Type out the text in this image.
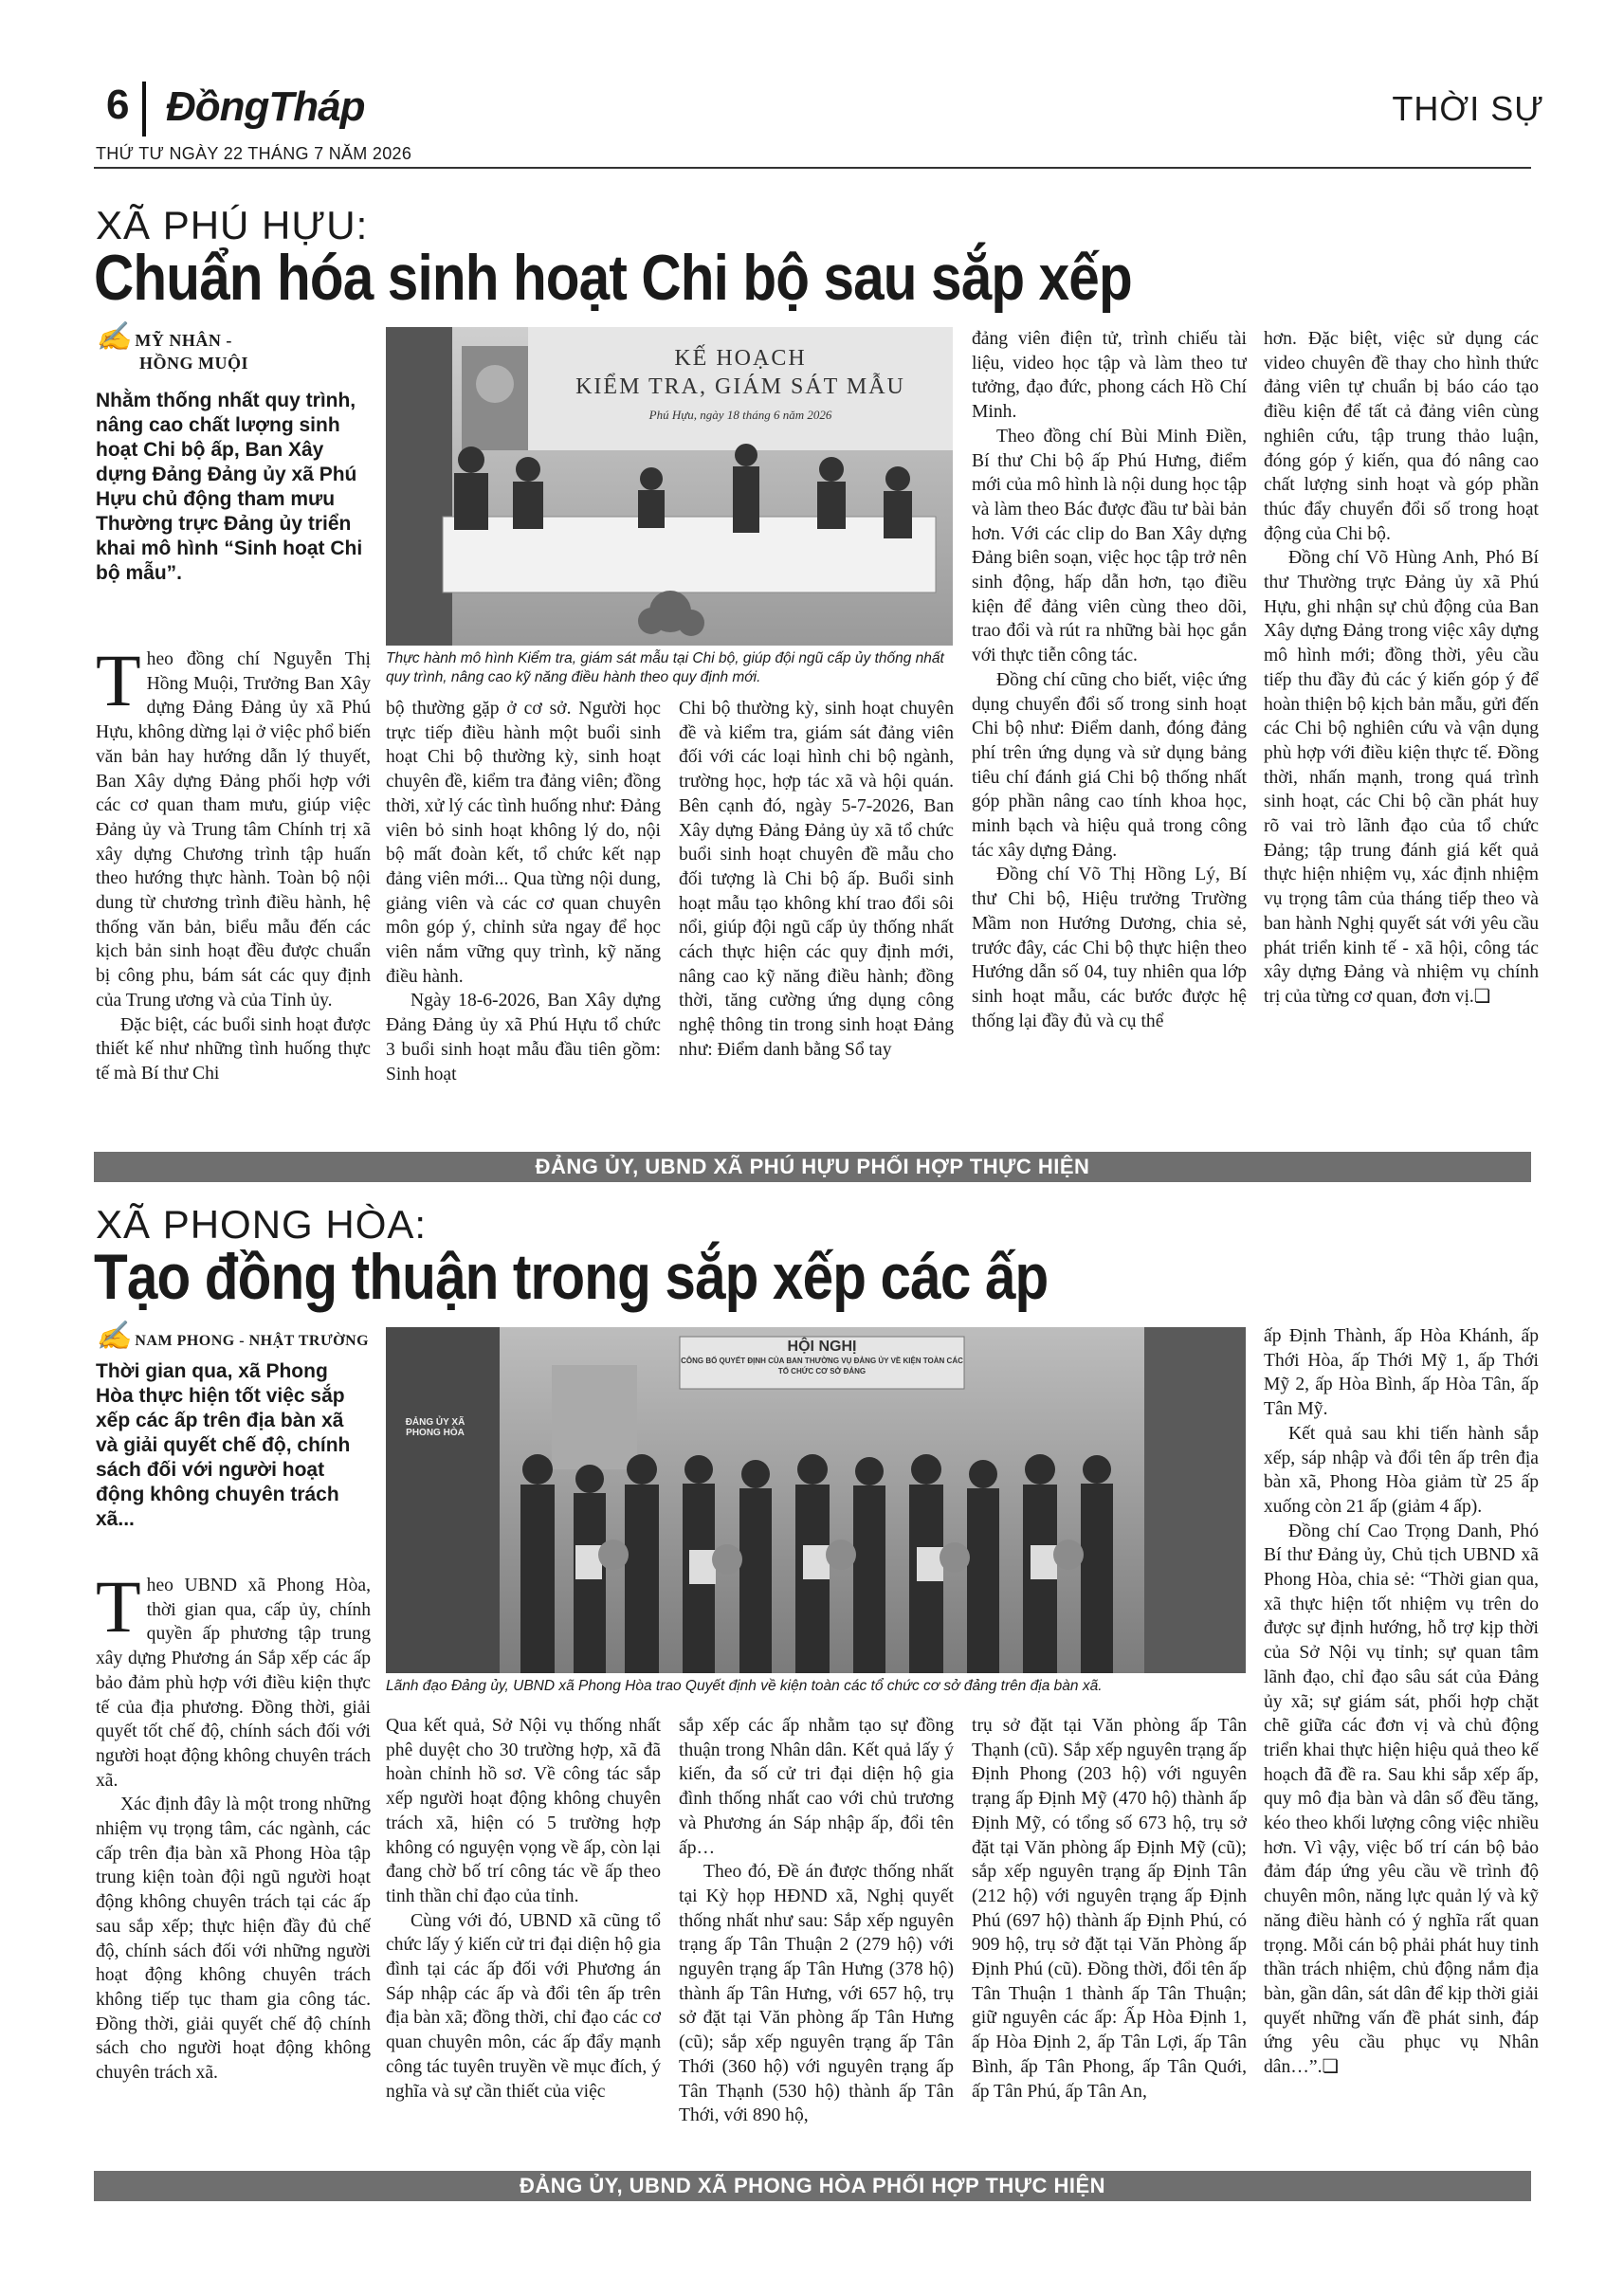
6 ĐồngTháp	THỜI SỰ
THỨ TƯ NGÀY 22 THÁNG 7 NĂM 2026
XÃ PHÚ HỰU:
Chuẩn hóa sinh hoạt Chi bộ sau sắp xếp
✍ MỸ NHÂN -
HỒNG MUỘI
Nhằm thống nhất quy trình, nâng cao chất lượng sinh hoạt Chi bộ ấp, Ban Xây dựng Đảng Đảng ủy xã Phú Hựu chủ động tham mưu Thường trực Đảng ủy triển khai mô hình “Sinh hoạt Chi bộ mẫu”.
KẾ HOẠCH
KIỂM TRA, GIÁM SÁT MẪU
Phú Hựu, ngày 18 tháng 6 năm 2026
Thực hành mô hình Kiểm tra, giám sát mẫu tại Chi bộ, giúp đội ngũ cấp ủy thống nhất quy trình, nâng cao kỹ năng điều hành theo quy định mới.

Theo đồng chí Nguyễn Thị Hồng Muội, Trưởng Ban Xây dựng Đảng Đảng ủy xã Phú Hựu, không dừng lại ở việc phổ biến văn bản hay hướng dẫn lý thuyết, Ban Xây dựng Đảng phối hợp với các cơ quan tham mưu, giúp việc Đảng ủy và Trung tâm Chính trị xã xây dựng Chương trình tập huấn theo hướng thực hành. Toàn bộ nội dung từ chương trình điều hành, hệ thống văn bản, biểu mẫu đến các kịch bản sinh hoạt đều được chuẩn bị công phu, bám sát các quy định của Trung ương và của Tỉnh ủy.

Đặc biệt, các buổi sinh hoạt được thiết kế như những tình huống thực tế mà Bí thư Chi

bộ thường gặp ở cơ sở. Người học trực tiếp điều hành một buổi sinh hoạt Chi bộ thường kỳ, sinh hoạt chuyên đề, kiểm tra đảng viên; đồng thời, xử lý các tình huống như: Đảng viên bỏ sinh hoạt không lý do, nội bộ mất đoàn kết, tổ chức kết nạp đảng viên mới... Qua từng nội dung, giảng viên và các cơ quan chuyên môn góp ý, chỉnh sửa ngay để học viên nắm vững quy trình, kỹ năng điều hành.

Ngày 18-6-2026, Ban Xây dựng Đảng Đảng ủy xã Phú Hựu tổ chức 3 buổi sinh hoạt mẫu đầu tiên gồm: Sinh hoạt

Chi bộ thường kỳ, sinh hoạt chuyên đề và kiểm tra, giám sát đảng viên đối với các loại hình chi bộ ngành, trường học, hợp tác xã và hội quán. Bên cạnh đó, ngày 5-7-2026, Ban Xây dựng Đảng Đảng ủy xã tổ chức buổi sinh hoạt chuyên đề mẫu cho đối tượng là Chi bộ ấp. Buổi sinh hoạt mẫu tạo không khí trao đổi sôi nổi, giúp đội ngũ cấp ủy thống nhất cách thực hiện các quy định mới, nâng cao kỹ năng điều hành; đồng thời, tăng cường ứng dụng công nghệ thông tin trong sinh hoạt Đảng như: Điểm danh bằng Sổ tay

đảng viên điện tử, trình chiếu tài liệu, video học tập và làm theo tư tưởng, đạo đức, phong cách Hồ Chí Minh.

Theo đồng chí Bùi Minh Điền, Bí thư Chi bộ ấp Phú Hưng, điểm mới của mô hình là nội dung học tập và làm theo Bác được đầu tư bài bản hơn. Với các clip do Ban Xây dựng Đảng biên soạn, việc học tập trở nên sinh động, hấp dẫn hơn, tạo điều kiện để đảng viên cùng theo dõi, trao đổi và rút ra những bài học gắn với thực tiễn công tác.

Đồng chí cũng cho biết, việc ứng dụng chuyển đổi số trong sinh hoạt Chi bộ như: Điểm danh, đóng đảng phí trên ứng dụng và sử dụng bảng tiêu chí đánh giá Chi bộ thống nhất góp phần nâng cao tính khoa học, minh bạch và hiệu quả trong công tác xây dựng Đảng.

Đồng chí Võ Thị Hồng Lý, Bí thư Chi bộ, Hiệu trưởng Trường Mầm non Hướng Dương, chia sẻ, trước đây, các Chi bộ thực hiện theo Hướng dẫn số 04, tuy nhiên qua lớp sinh hoạt mẫu, các bước được hệ thống lại đầy đủ và cụ thể

hơn. Đặc biệt, việc sử dụng các video chuyên đề thay cho hình thức đảng viên tự chuẩn bị báo cáo tạo điều kiện để tất cả đảng viên cùng nghiên cứu, tập trung thảo luận, đóng góp ý kiến, qua đó nâng cao chất lượng sinh hoạt và góp phần thúc đẩy chuyển đổi số trong hoạt động của Chi bộ.

Đồng chí Võ Hùng Anh, Phó Bí thư Thường trực Đảng ủy xã Phú Hựu, ghi nhận sự chủ động của Ban Xây dựng Đảng trong việc xây dựng mô hình mới; đồng thời, yêu cầu tiếp thu đầy đủ các ý kiến góp ý để hoàn thiện bộ kịch bản mẫu, gửi đến các Chi bộ nghiên cứu và vận dụng phù hợp với điều kiện thực tế. Đồng thời, nhấn mạnh, trong quá trình sinh hoạt, các Chi bộ cần phát huy rõ vai trò lãnh đạo của tổ chức Đảng; tập trung đánh giá kết quả thực hiện nhiệm vụ, xác định nhiệm vụ trọng tâm của tháng tiếp theo và ban hành Nghị quyết sát với yêu cầu phát triển kinh tế - xã hội, công tác xây dựng Đảng và nhiệm vụ chính trị của từng cơ quan, đơn vị.❏

ĐẢNG ỦY, UBND XÃ PHÚ HỰU PHỐI HỢP THỰC HIỆN
XÃ PHONG HÒA:
Tạo đồng thuận trong sắp xếp các ấp
✍ NAM PHONG - NHẬT TRƯỜNG
Thời gian qua, xã Phong Hòa thực hiện tốt việc sắp xếp các ấp trên địa bàn xã và giải quyết chế độ, chính sách đối với người hoạt động không chuyên trách xã...
ĐẢNG ỦY XÃ PHONG HÒA
HỘI NGHỊ
CÔNG BỐ QUYẾT ĐỊNH CỦA BAN THƯỜNG VỤ ĐẢNG ỦY VỀ KIỆN TOÀN CÁC TỔ CHỨC CƠ SỞ ĐẢNG
Lãnh đạo Đảng ủy, UBND xã Phong Hòa trao Quyết định về kiện toàn các tổ chức cơ sở đảng trên địa bàn xã.

Theo UBND xã Phong Hòa, thời gian qua, cấp ủy, chính quyền ấp phương tập trung xây dựng Phương án Sắp xếp các ấp bảo đảm phù hợp với điều kiện thực tế của địa phương. Đồng thời, giải quyết tốt chế độ, chính sách đối với người hoạt động không chuyên trách xã.

Xác định đây là một trong những nhiệm vụ trọng tâm, các ngành, các cấp trên địa bàn xã Phong Hòa tập trung kiện toàn đội ngũ người hoạt động không chuyên trách tại các ấp sau sắp xếp; thực hiện đầy đủ chế độ, chính sách đối với những người hoạt động không chuyên trách không tiếp tục tham gia công tác. Đồng thời, giải quyết chế độ chính sách cho người hoạt động không chuyên trách xã.

Qua kết quả, Sở Nội vụ thống nhất phê duyệt cho 30 trường hợp, xã đã hoàn chỉnh hồ sơ. Về công tác sắp xếp người hoạt động không chuyên trách xã, hiện có 5 trường hợp không có nguyện vọng về ấp, còn lại đang chờ bố trí công tác về ấp theo tinh thần chỉ đạo của tỉnh.

Cùng với đó, UBND xã cũng tổ chức lấy ý kiến cử tri đại diện hộ gia đình tại các ấp đối với Phương án Sáp nhập các ấp và đổi tên ấp trên địa bàn xã; đồng thời, chỉ đạo các cơ quan chuyên môn, các ấp đẩy mạnh công tác tuyên truyền về mục đích, ý nghĩa và sự cần thiết của việc

sắp xếp các ấp nhằm tạo sự đồng thuận trong Nhân dân. Kết quả lấy ý kiến, đa số cử tri đại diện hộ gia đình thống nhất cao với chủ trương và Phương án Sáp nhập ấp, đổi tên ấp…

Theo đó, Đề án được thống nhất tại Kỳ họp HĐND xã, Nghị quyết thống nhất như sau: Sắp xếp nguyên trạng ấp Tân Thuận 2 (279 hộ) với nguyên trạng ấp Tân Hưng (378 hộ) thành ấp Tân Hưng, với 657 hộ, trụ sở đặt tại Văn phòng ấp Tân Hưng (cũ); sắp xếp nguyên trạng ấp Tân Thới (360 hộ) với nguyên trạng ấp Tân Thạnh (530 hộ) thành ấp Tân Thới, với 890 hộ,

trụ sở đặt tại Văn phòng ấp Tân Thạnh (cũ). Sắp xếp nguyên trạng ấp Định Phong (203 hộ) với nguyên trạng ấp Định Mỹ (470 hộ) thành ấp Định Mỹ, có tổng số 673 hộ, trụ sở đặt tại Văn phòng ấp Định Mỹ (cũ); sắp xếp nguyên trạng ấp Định Tân (212 hộ) với nguyên trạng ấp Định Phú (697 hộ) thành ấp Định Phú, có 909 hộ, trụ sở đặt tại Văn Phòng ấp Định Phú (cũ). Đồng thời, đổi tên ấp Tân Thuận 1 thành ấp Tân Thuận; giữ nguyên các ấp: Ấp Hòa Định 1, ấp Hòa Định 2, ấp Tân Lợi, ấp Tân Bình, ấp Tân Phong, ấp Tân Quới, ấp Tân Phú, ấp Tân An,

ấp Định Thành, ấp Hòa Khánh, ấp Thới Hòa, ấp Thới Mỹ 1, ấp Thới Mỹ 2, ấp Hòa Bình, ấp Hòa Tân, ấp Tân Mỹ.

Kết quả sau khi tiến hành sắp xếp, sáp nhập và đổi tên ấp trên địa bàn xã, Phong Hòa giảm từ 25 ấp xuống còn 21 ấp (giảm 4 ấp).

Đồng chí Cao Trọng Danh, Phó Bí thư Đảng ủy, Chủ tịch UBND xã Phong Hòa, chia sẻ: “Thời gian qua, xã thực hiện tốt nhiệm vụ trên do được sự định hướng, hỗ trợ kịp thời của Sở Nội vụ tỉnh; sự quan tâm lãnh đạo, chỉ đạo sâu sát của Đảng ủy xã; sự giám sát, phối hợp chặt chẽ giữa các đơn vị và chủ động triển khai thực hiện hiệu quả theo kế hoạch đã đề ra. Sau khi sắp xếp ấp, quy mô địa bàn và dân số đều tăng, kéo theo khối lượng công việc nhiều hơn. Vì vậy, việc bố trí cán bộ bảo đảm đáp ứng yêu cầu về trình độ chuyên môn, năng lực quản lý và kỹ năng điều hành có ý nghĩa rất quan trọng. Mỗi cán bộ phải phát huy tinh thần trách nhiệm, chủ động nắm địa bàn, gần dân, sát dân để kịp thời giải quyết những vấn đề phát sinh, đáp ứng yêu cầu phục vụ Nhân dân…”.❏

ĐẢNG ỦY, UBND XÃ PHONG HÒA PHỐI HỢP THỰC HIỆN
